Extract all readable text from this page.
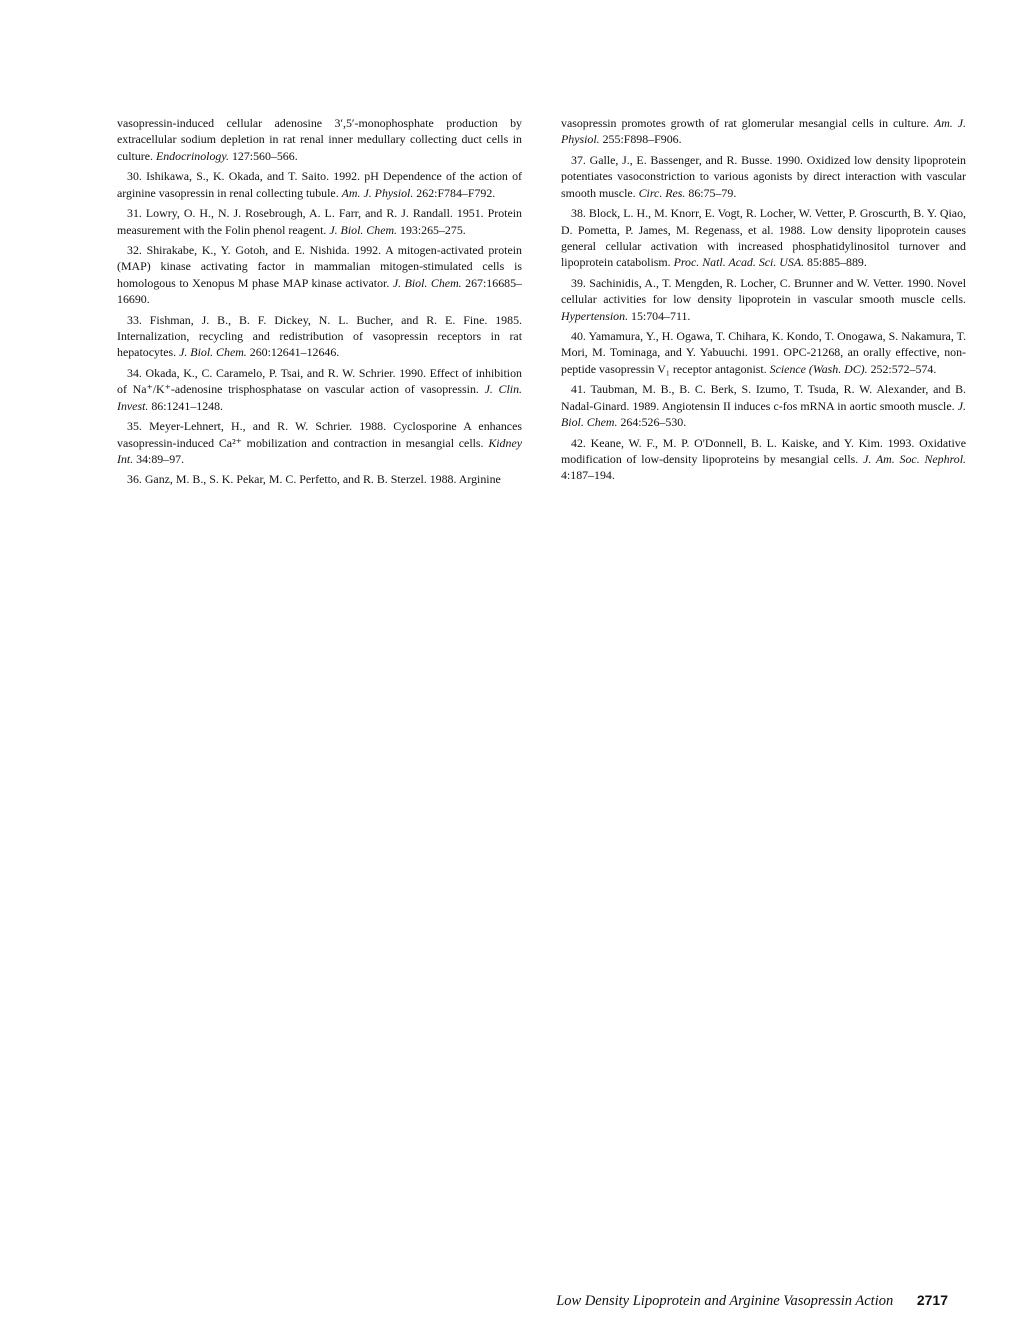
vasopressin-induced cellular adenosine 3′,5′-monophosphate production by extracellular sodium depletion in rat renal inner medullary collecting duct cells in culture. Endocrinology. 127:560–566.

30. Ishikawa, S., K. Okada, and T. Saito. 1992. pH Dependence of the action of arginine vasopressin in renal collecting tubule. Am. J. Physiol. 262:F784–F792.

31. Lowry, O. H., N. J. Rosebrough, A. L. Farr, and R. J. Randall. 1951. Protein measurement with the Folin phenol reagent. J. Biol. Chem. 193:265–275.

32. Shirakabe, K., Y. Gotoh, and E. Nishida. 1992. A mitogen-activated protein (MAP) kinase activating factor in mammalian mitogen-stimulated cells is homologous to Xenopus M phase MAP kinase activator. J. Biol. Chem. 267:16685–16690.

33. Fishman, J. B., B. F. Dickey, N. L. Bucher, and R. E. Fine. 1985. Internalization, recycling and redistribution of vasopressin receptors in rat hepatocytes. J. Biol. Chem. 260:12641–12646.

34. Okada, K., C. Caramelo, P. Tsai, and R. W. Schrier. 1990. Effect of inhibition of Na⁺/K⁺-adenosine trisphosphatase on vascular action of vasopressin. J. Clin. Invest. 86:1241–1248.

35. Meyer-Lehnert, H., and R. W. Schrier. 1988. Cyclosporine A enhances vasopressin-induced Ca²⁺ mobilization and contraction in mesangial cells. Kidney Int. 34:89–97.

36. Ganz, M. B., S. K. Pekar, M. C. Perfetto, and R. B. Sterzel. 1988. Arginine

vasopressin promotes growth of rat glomerular mesangial cells in culture. Am. J. Physiol. 255:F898–F906.

37. Galle, J., E. Bassenger, and R. Busse. 1990. Oxidized low density lipoprotein potentiates vasoconstriction to various agonists by direct interaction with vascular smooth muscle. Circ. Res. 86:75–79.

38. Block, L. H., M. Knorr, E. Vogt, R. Locher, W. Vetter, P. Groscurth, B. Y. Qiao, D. Pometta, P. James, M. Regenass, et al. 1988. Low density lipoprotein causes general cellular activation with increased phosphatidylinositol turnover and lipoprotein catabolism. Proc. Natl. Acad. Sci. USA. 85:885–889.

39. Sachinidis, A., T. Mengden, R. Locher, C. Brunner and W. Vetter. 1990. Novel cellular activities for low density lipoprotein in vascular smooth muscle cells. Hypertension. 15:704–711.

40. Yamamura, Y., H. Ogawa, T. Chihara, K. Kondo, T. Onogawa, S. Nakamura, T. Mori, M. Tominaga, and Y. Yabuuchi. 1991. OPC-21268, an orally effective, non-peptide vasopressin V₁ receptor antagonist. Science (Wash. DC). 252:572–574.

41. Taubman, M. B., B. C. Berk, S. Izumo, T. Tsuda, R. W. Alexander, and B. Nadal-Ginard. 1989. Angiotensin II induces c-fos mRNA in aortic smooth muscle. J. Biol. Chem. 264:526–530.

42. Keane, W. F., M. P. O'Donnell, B. L. Kaiske, and Y. Kim. 1993. Oxidative modification of low-density lipoproteins by mesangial cells. J. Am. Soc. Nephrol. 4:187–194.

Low Density Lipoprotein and Arginine Vasopressin Action 2717
